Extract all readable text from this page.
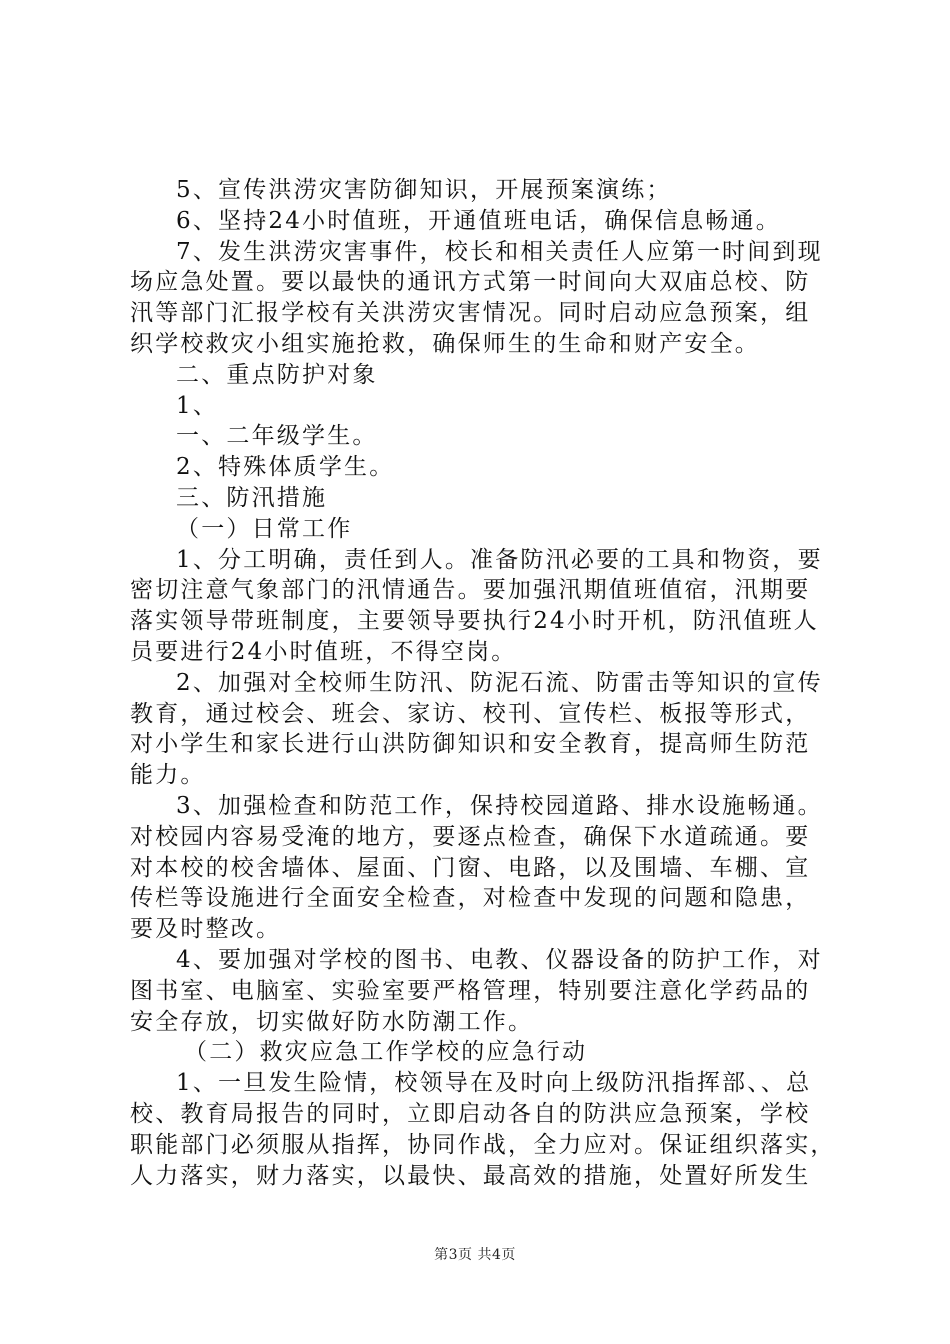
5、宣传洪涝灾害防御知识，开展预案演练；
6、坚持24小时值班，开通值班电话，确保信息畅通。
7、发生洪涝灾害事件，校长和相关责任人应第一时间到现
场应急处置。要以最快的通讯方式第一时间向大双庙总校、防
汛等部门汇报学校有关洪涝灾害情况。同时启动应急预案，组
织学校救灾小组实施抢救，确保师生的生命和财产安全。
二、重点防护对象
1、
一、二年级学生。
2、特殊体质学生。
三、防汛措施
（一）日常工作
1、分工明确，责任到人。准备防汛必要的工具和物资，要
密切注意气象部门的汛情通告。要加强汛期值班值宿，汛期要
落实领导带班制度，主要领导要执行24小时开机，防汛值班人
员要进行24小时值班，不得空岗。
2、加强对全校师生防汛、防泥石流、防雷击等知识的宣传
教育，通过校会、班会、家访、校刊、宣传栏、板报等形式，
对小学生和家长进行山洪防御知识和安全教育，提高师生防范
能力。
3、加强检查和防范工作，保持校园道路、排水设施畅通。
对校园内容易受淹的地方，要逐点检查，确保下水道疏通。要
对本校的校舍墙体、屋面、门窗、电路，以及围墙、车棚、宣
传栏等设施进行全面安全检查，对检查中发现的问题和隐患，
要及时整改。
4、要加强对学校的图书、电教、仪器设备的防护工作，对
图书室、电脑室、实验室要严格管理，特别要注意化学药品的
安全存放，切实做好防水防潮工作。
（二）救灾应急工作学校的应急行动
1、一旦发生险情，校领导在及时向上级防汛指挥部、、总
校、教育局报告的同时，立即启动各自的防洪应急预案，学校
职能部门必须服从指挥，协同作战，全力应对。保证组织落实，
人力落实，财力落实，以最快、最高效的措施，处置好所发生
第3页 共4页
